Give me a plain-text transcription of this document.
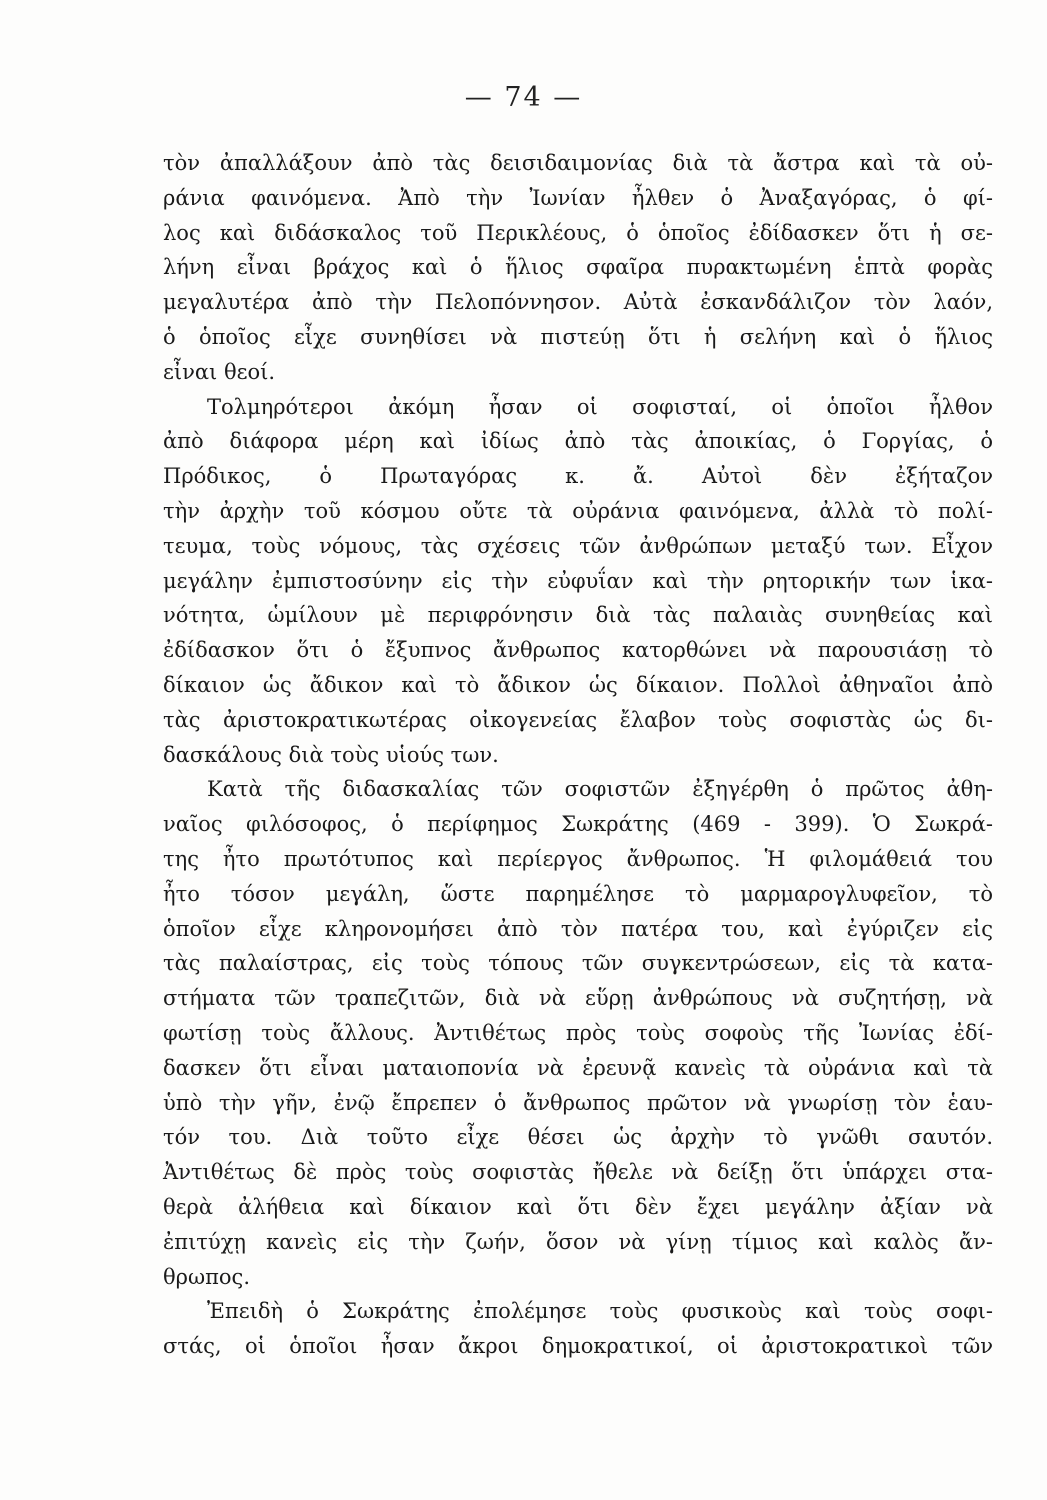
— 74 —
τὸν ἀπαλλάξουν ἀπὸ τὰς δεισιδαιμονίας διὰ τὰ ἄστρα καὶ τὰ οὐ-
ράνια φαινόμενα. Ἀπὸ τὴν Ἰωνίαν ἦλθεν ὁ Ἀναξαγόρας, ὁ φί-
λος καὶ διδάσκαλος τοῦ Περικλέους, ὁ ὁποῖος ἐδίδασκεν ὅτι ἡ σε-
λήνη εἶναι βράχος καὶ ὁ ἥλιος σφαῖρα πυρακτωμένη ἑπτὰ φορὰς
μεγαλυτέρα ἀπὸ τὴν Πελοπόννησον. Αὐτὰ ἐσκανδάλιζον τὸν λαόν,
ὁ ὁποῖος εἶχε συνηθίσει νὰ πιστεύῃ ὅτι ἡ σελήνη καὶ ὁ ἥλιος
εἶναι θεοί.
Τολμηρότεροι ἀκόμη ἦσαν οἱ σοφισταί, οἱ ὁποῖοι ἦλθον
ἀπὸ διάφορα μέρη καὶ ἰδίως ἀπὸ τὰς ἀποικίας, ὁ Γοργίας, ὁ
Πρόδικος, ὁ Πρωταγόρας κ. ἄ. Αὐτοὶ δὲν ἐξήταζον
τὴν ἀρχὴν τοῦ κόσμου οὔτε τὰ οὐράνια φαινόμενα, ἀλλὰ τὸ πολί-
τευμα, τοὺς νόμους, τὰς σχέσεις τῶν ἀνθρώπων μεταξύ των. Εἶχον
μεγάλην ἐμπιστοσύνην εἰς τὴν εὐφυΐαν καὶ τὴν ρητορικήν των ἱκα-
νότητα, ὡμίλουν μὲ περιφρόνησιν διὰ τὰς παλαιὰς συνηθείας καὶ
ἐδίδασκον ὅτι ὁ ἔξυπνος ἄνθρωπος κατορθώνει νὰ παρουσιάσῃ τὸ
δίκαιον ὡς ἄδικον καὶ τὸ ἄδικον ὡς δίκαιον. Πολλοὶ ἀθηναῖοι ἀπὸ
τὰς ἀριστοκρατικωτέρας οἰκογενείας ἔλαβον τοὺς σοφιστὰς ὡς δι-
δασκάλους διὰ τοὺς υἱούς των.
Κατὰ τῆς διδασκαλίας τῶν σοφιστῶν ἐξηγέρθη ὁ πρῶτος ἀθη-
ναῖος φιλόσοφος, ὁ περίφημος Σωκράτης (469 - 399). Ὁ Σωκρά-
της ἦτο πρωτότυπος καὶ περίεργος ἄνθρωπος. Ἡ φιλομάθειά του
ἦτο τόσον μεγάλη, ὥστε παρημέλησε τὸ μαρμαρογλυφεῖον, τὸ
ὁποῖον εἶχε κληρονομήσει ἀπὸ τὸν πατέρα του, καὶ ἐγύριζεν εἰς
τὰς παλαίστρας, εἰς τοὺς τόπους τῶν συγκεντρώσεων, εἰς τὰ κατα-
στήματα τῶν τραπεζιτῶν, διὰ νὰ εὕρῃ ἀνθρώπους νὰ συζητήσῃ, νὰ
φωτίσῃ τοὺς ἄλλους. Ἀντιθέτως πρὸς τοὺς σοφοὺς τῆς Ἰωνίας ἐδί-
δασκεν ὅτι εἶναι ματαιοπονία νὰ ἐρευνᾷ κανεὶς τὰ οὐράνια καὶ τὰ
ὑπὸ τὴν γῆν, ἐνῷ ἔπρεπεν ὁ ἄνθρωπος πρῶτον νὰ γνωρίσῃ τὸν ἑαυ-
τόν του. Διὰ τοῦτο εἶχε θέσει ὡς ἀρχὴν τὸ γνῶθι σαυτόν.
Ἀντιθέτως δὲ πρὸς τοὺς σοφιστὰς ἤθελε νὰ δείξῃ ὅτι ὑπάρχει στα-
θερὰ ἀλήθεια καὶ δίκαιον καὶ ὅτι δὲν ἔχει μεγάλην ἀξίαν νὰ
ἐπιτύχῃ κανεὶς εἰς τὴν ζωήν, ὅσον νὰ γίνῃ τίμιος καὶ καλὸς ἄν-
θρωπος.
Ἐπειδὴ ὁ Σωκράτης ἐπολέμησε τοὺς φυσικοὺς καὶ τοὺς σοφι-
στάς, οἱ ὁποῖοι ἦσαν ἄκροι δημοκρατικοί, οἱ ἀριστοκρατικοὶ τῶν
